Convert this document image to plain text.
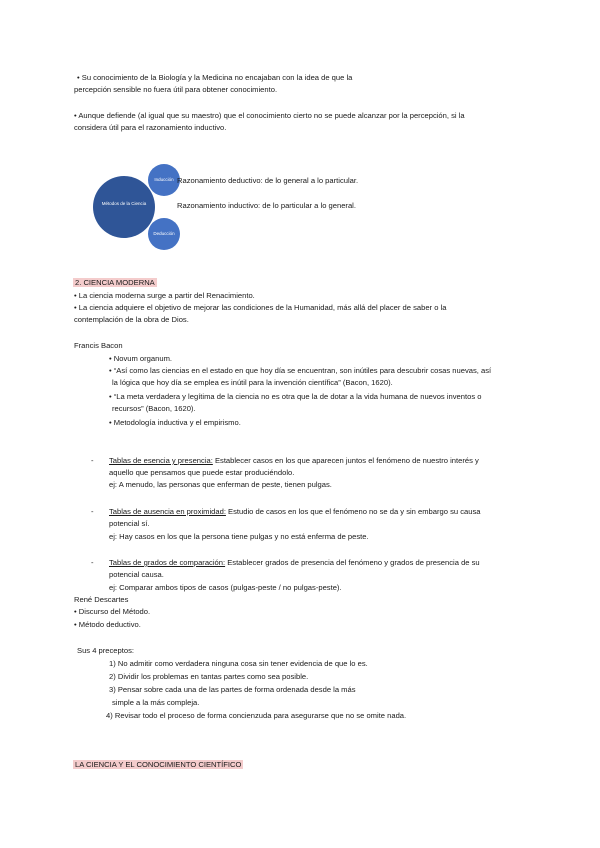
• Su conocimiento de la Biología y la Medicina no encajaban con la idea de que la
percepción sensible no fuera útil para obtener conocimiento.
• Aunque defiende (al igual que su maestro) que el conocimiento cierto no se puede alcanzar por la percepción, si la
considera útil para el razonamiento inductivo.
Métodos de la Ciencia
Inducción
Deducción
Razonamiento deductivo: de lo general a lo particular.
Razonamiento inductivo: de lo particular a lo general.
2. CIENCIA MODERNA
• La ciencia moderna surge a partir del Renacimiento.
• La ciencia adquiere el objetivo de mejorar las condiciones de la Humanidad, más allá del placer de saber o la
contemplación de la obra de Dios.
Francis Bacon
• Novum organum.
• “Así como las ciencias en el estado en que hoy día se encuentran, son inútiles para descubrir cosas nuevas, así
la lógica que hoy día se emplea es inútil para la invención científica” (Bacon, 1620).
• “La meta verdadera y legítima de la ciencia no es otra que la de dotar a la vida humana de nuevos inventos o
recursos” (Bacon, 1620).
• Metodología inductiva y el empirismo.
- Tablas de esencia y presencia: Establecer casos en los que aparecen juntos el fenómeno de nuestro interés y
aquello que pensamos que puede estar produciéndolo.
ej: A menudo, las personas que enferman de peste, tienen pulgas.
- Tablas de ausencia en proximidad: Estudio de casos en los que el fenómeno no se da y sin embargo su causa
potencial sí.
ej: Hay casos en los que la persona tiene pulgas y no está enferma de peste.
- Tablas de grados de comparación: Establecer grados de presencia del fenómeno y grados de presencia de su
potencial causa.
ej: Comparar ambos tipos de casos (pulgas-peste / no pulgas-peste).
René Descartes
• Discurso del Método.
• Método deductivo.
Sus 4 preceptos:
1) No admitir como verdadera ninguna cosa sin tener evidencia de que lo es.
2) Dividir los problemas en tantas partes como sea posible.
3) Pensar sobre cada una de las partes de forma ordenada desde la más
simple a la más compleja.
4) Revisar todo el proceso de forma concienzuda para asegurarse que no se omite nada.
LA CIENCIA Y EL CONOCIMIENTO CIENTÍFICO
